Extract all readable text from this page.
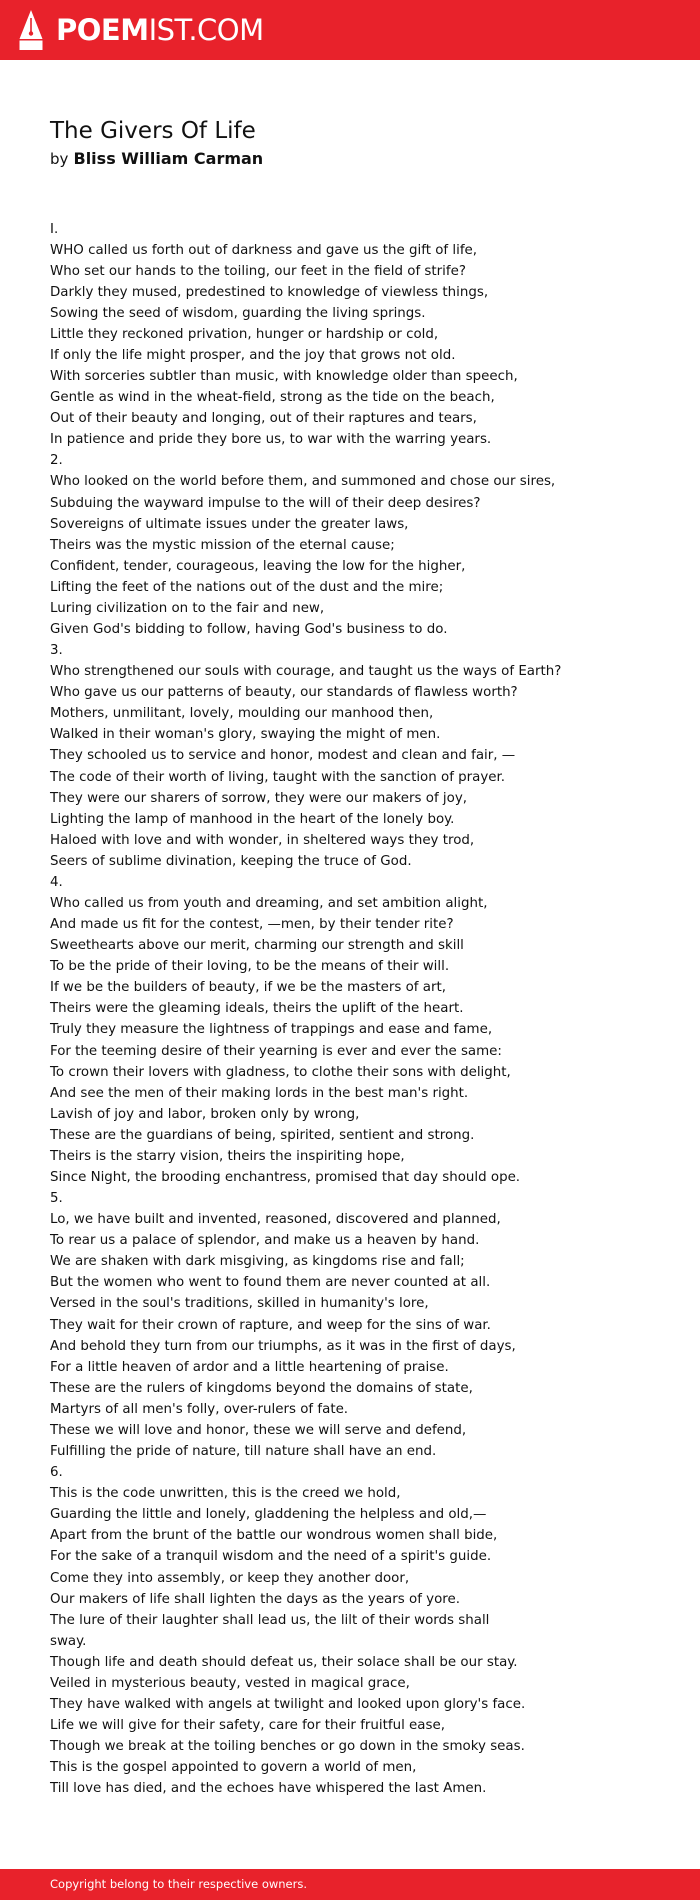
POEMIST.COM
The Givers Of Life
by Bliss William Carman
I.
WHO called us forth out of darkness and gave us the gift of life,
Who set our hands to the toiling, our feet in the field of strife?
Darkly they mused, predestined to knowledge of viewless things,
Sowing the seed of wisdom, guarding the living springs.
Little they reckoned privation, hunger or hardship or cold,
If only the life might prosper, and the joy that grows not old.
With sorceries subtler than music, with knowledge older than speech,
Gentle as wind in the wheat-field, strong as the tide on the beach,
Out of their beauty and longing, out of their raptures and tears,
In patience and pride they bore us, to war with the warring years.
2.
Who looked on the world before them, and summoned and chose our sires,
Subduing the wayward impulse to the will of their deep desires?
Sovereigns of ultimate issues under the greater laws,
Theirs was the mystic mission of the eternal cause;
Confident, tender, courageous, leaving the low for the higher,
Lifting the feet of the nations out of the dust and the mire;
Luring civilization on to the fair and new,
Given God's bidding to follow, having God's business to do.
3.
Who strengthened our souls with courage, and taught us the ways of Earth?
Who gave us our patterns of beauty, our standards of flawless worth?
Mothers, unmilitant, lovely, moulding our manhood then,
Walked in their woman's glory, swaying the might of men.
They schooled us to service and honor, modest and clean and fair, —
The code of their worth of living, taught with the sanction of prayer.
They were our sharers of sorrow, they were our makers of joy,
Lighting the lamp of manhood in the heart of the lonely boy.
Haloed with love and with wonder, in sheltered ways they trod,
Seers of sublime divination, keeping the truce of God.
4.
Who called us from youth and dreaming, and set ambition alight,
And made us fit for the contest, —men, by their tender rite?
Sweethearts above our merit, charming our strength and skill
To be the pride of their loving, to be the means of their will.
If we be the builders of beauty, if we be the masters of art,
Theirs were the gleaming ideals, theirs the uplift of the heart.
Truly they measure the lightness of trappings and ease and fame,
For the teeming desire of their yearning is ever and ever the same:
To crown their lovers with gladness, to clothe their sons with delight,
And see the men of their making lords in the best man's right.
Lavish of joy and labor, broken only by wrong,
These are the guardians of being, spirited, sentient and strong.
Theirs is the starry vision, theirs the inspiriting hope,
Since Night, the brooding enchantress, promised that day should ope.
5.
Lo, we have built and invented, reasoned, discovered and planned,
To rear us a palace of splendor, and make us a heaven by hand.
We are shaken with dark misgiving, as kingdoms rise and fall;
But the women who went to found them are never counted at all.
Versed in the soul's traditions, skilled in humanity's lore,
They wait for their crown of rapture, and weep for the sins of war.
And behold they turn from our triumphs, as it was in the first of days,
For a little heaven of ardor and a little heartening of praise.
These are the rulers of kingdoms beyond the domains of state,
Martyrs of all men's folly, over-rulers of fate.
These we will love and honor, these we will serve and defend,
Fulfilling the pride of nature, till nature shall have an end.
6.
This is the code unwritten, this is the creed we hold,
Guarding the little and lonely, gladdening the helpless and old,—
Apart from the brunt of the battle our wondrous women shall bide,
For the sake of a tranquil wisdom and the need of a spirit's guide.
Come they into assembly, or keep they another door,
Our makers of life shall lighten the days as the years of yore.
The lure of their laughter shall lead us, the lilt of their words shall
sway.
Though life and death should defeat us, their solace shall be our stay.
Veiled in mysterious beauty, vested in magical grace,
They have walked with angels at twilight and looked upon glory's face.
Life we will give for their safety, care for their fruitful ease,
Though we break at the toiling benches or go down in the smoky seas.
This is the gospel appointed to govern a world of men,
Till love has died, and the echoes have whispered the last Amen.
Copyright belong to their respective owners.
